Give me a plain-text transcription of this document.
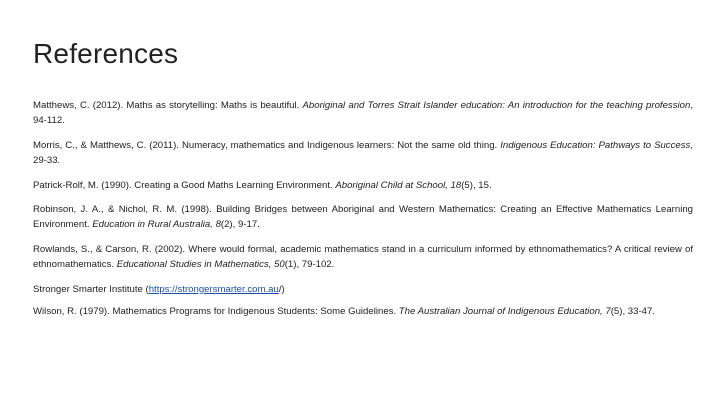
References
Matthews, C. (2012). Maths as storytelling: Maths is beautiful. Aboriginal and Torres Strait Islander education: An introduction for the teaching profession, 94-112.
Morris, C., & Matthews, C. (2011). Numeracy, mathematics and Indigenous learners: Not the same old thing. Indigenous Education: Pathways to Success, 29-33.
Patrick-Rolf, M. (1990). Creating a Good Maths Learning Environment. Aboriginal Child at School, 18(5), 15.
Robinson, J. A., & Nichol, R. M. (1998). Building Bridges between Aboriginal and Western Mathematics: Creating an Effective Mathematics Learning Environment. Education in Rural Australia, 8(2), 9-17.
Rowlands, S., & Carson, R. (2002). Where would formal, academic mathematics stand in a curriculum informed by ethnomathematics? A critical review of ethnomathematics. Educational Studies in Mathematics, 50(1), 79-102.
Stronger Smarter Institute (https://strongersmarter.com.au/)
Wilson, R. (1979). Mathematics Programs for Indigenous Students: Some Guidelines. The Australian Journal of Indigenous Education, 7(5), 33-47.
